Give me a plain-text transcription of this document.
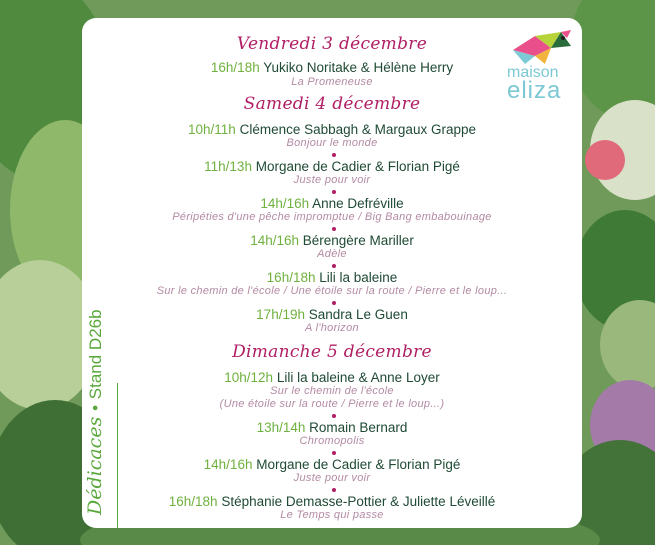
Dédicaces•Stand D26b
maison
eliza
Vendredi 3 décembre
16h/18h Yukiko Noritake & Hélène Herry
La Promeneuse
Samedi 4 décembre
10h/11h Clémence Sabbagh & Margaux Grappe
Bonjour le monde
11h/13h Morgane de Cadier & Florian Pigé
Juste pour voir
14h/16h Anne Defréville
Péripéties d'une pêche impromptue / Big Bang embabouinage
14h/16h Bérengère Mariller
Adèle
16h/18h Lili la baleine
Sur le chemin de l'école / Une étoile sur la route / Pierre et le loup...
17h/19h Sandra Le Guen
A l'horizon
Dimanche 5 décembre
10h/12h Lili la baleine & Anne Loyer
Sur le chemin de l'école
(Une étoile sur la route / Pierre et le loup...)
13h/14h Romain Bernard
Chromopolis
14h/16h Morgane de Cadier & Florian Pigé
Juste pour voir
16h/18h Stéphanie Demasse-Pottier & Juliette Léveillé
Le Temps qui passe
